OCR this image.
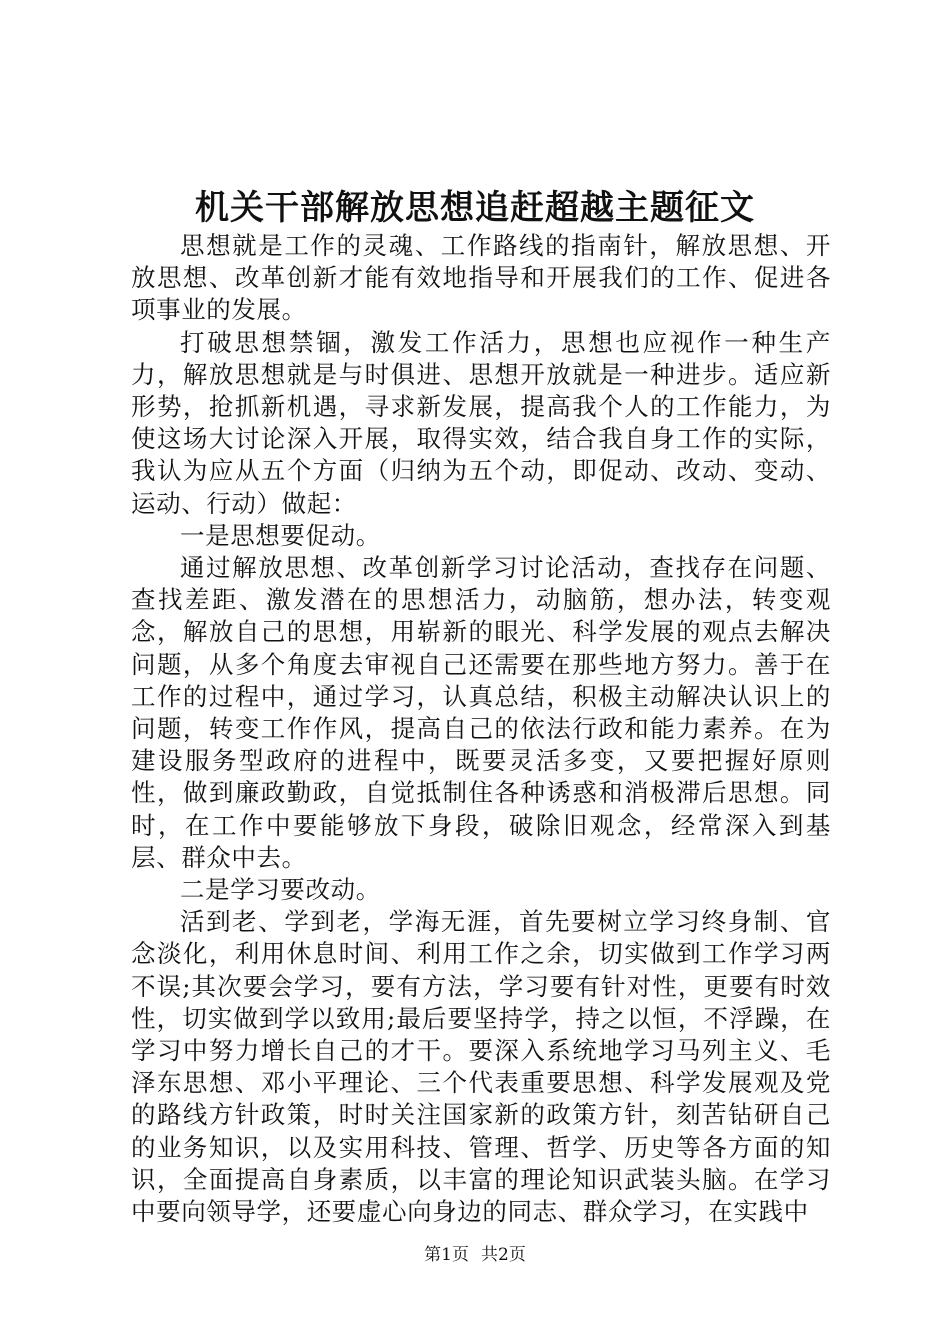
机关干部解放思想追赶超越主题征文

思想就是工作的灵魂、工作路线的指南针，解放思想、开放思想、改革创新才能有效地指导和开展我们的工作、促进各项事业的发展。

打破思想禁锢，激发工作活力，思想也应视作一种生产力，解放思想就是与时俱进、思想开放就是一种进步。适应新形势，抢抓新机遇，寻求新发展，提高我个人的工作能力，为使这场大讨论深入开展，取得实效，结合我自身工作的实际，我认为应从五个方面（归纳为五个动，即促动、改动、变动、运动、行动）做起：

一是思想要促动。

通过解放思想、改革创新学习讨论活动，查找存在问题、查找差距、激发潜在的思想活力，动脑筋，想办法，转变观念，解放自己的思想，用崭新的眼光、科学发展的观点去解决问题，从多个角度去审视自己还需要在那些地方努力。善于在工作的过程中，通过学习，认真总结，积极主动解决认识上的问题，转变工作作风，提高自己的依法行政和能力素养。在为建设服务型政府的进程中，既要灵活多变，又要把握好原则性，做到廉政勤政，自觉抵制住各种诱惑和消极滞后思想。同时，在工作中要能够放下身段，破除旧观念，经常深入到基层、群众中去。

二是学习要改动。

活到老、学到老，学海无涯，首先要树立学习终身制、官念淡化，利用休息时间、利用工作之余，切实做到工作学习两不误;其次要会学习，要有方法，学习要有针对性，更要有时效性，切实做到学以致用;最后要坚持学，持之以恒，不浮躁，在学习中努力增长自己的才干。要深入系统地学习马列主义、毛泽东思想、邓小平理论、三个代表重要思想、科学发展观及党的路线方针政策，时时关注国家新的政策方针，刻苦钻研自己的业务知识，以及实用科技、管理、哲学、历史等各方面的知识，全面提高自身素质，以丰富的理论知识武装头脑。在学习中要向领导学，还要虚心向身边的同志、群众学习，在实践中

第1页 共2页
